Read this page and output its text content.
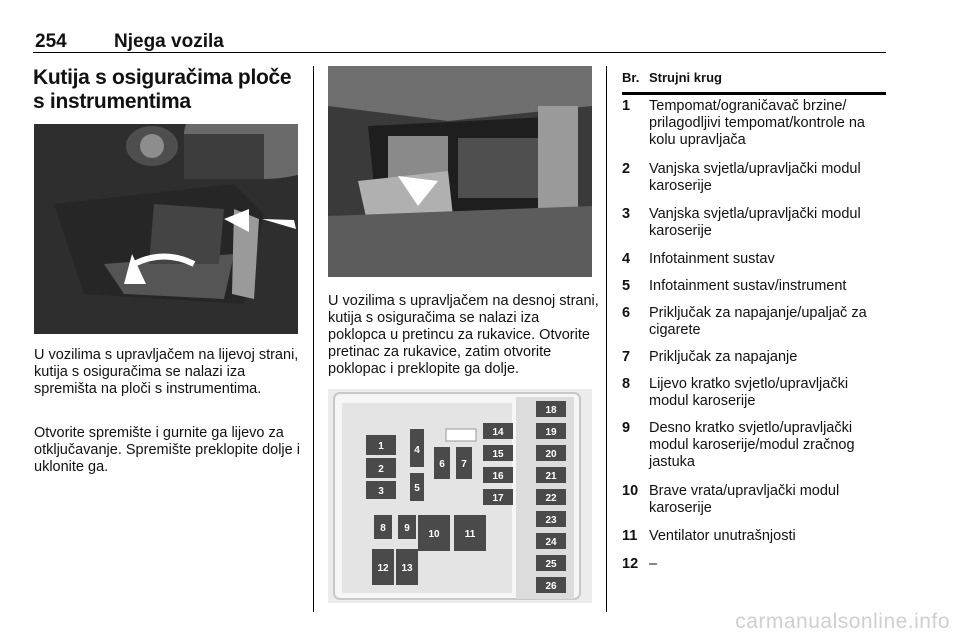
254 Njega vozila
Kutija s osiguračima ploče s instrumentima
U vozilima s upravljačem na lijevoj strani, kutija s osiguračima se nalazi iza spremišta na ploči s instrumentima.
Otvorite spremište i gurnite ga lijevo za otključavanje. Spremište preklopite dolje i uklonite ga.
U vozilima s upravljačem na desnoj strani, kutija s osiguračima se nalazi iza poklopca u pretincu za rukavice. Otvorite pretinac za rukavice, zatim otvorite poklopac i preklopite ga dolje.
1
2
3
4
5
6 7
14
15
16
17
8 9
10	11
12 13
18
19
20
21
22
23
24
25
26
Br. Strujni krug
1 Tempomat/ograničavač brzine/ prilagodljivi tempomat/kontrole na kolu upravljača
2 Vanjska svjetla/upravljački modul karoserije
3 Vanjska svjetla/upravljački modul karoserije
4 Infotainment sustav
5 Infotainment sustav/instrument
6 Priključak za napajanje/upaljač za cigarete
7 Priključak za napajanje
8 Lijevo kratko svjetlo/upravljački modul karoserije
9 Desno kratko svjetlo/upravljački modul karoserije/modul zračnog jastuka
10 Brave vrata/upravljački modul karoserije
11 Ventilator unutrašnjosti
12 –
carmanualsonline.info
